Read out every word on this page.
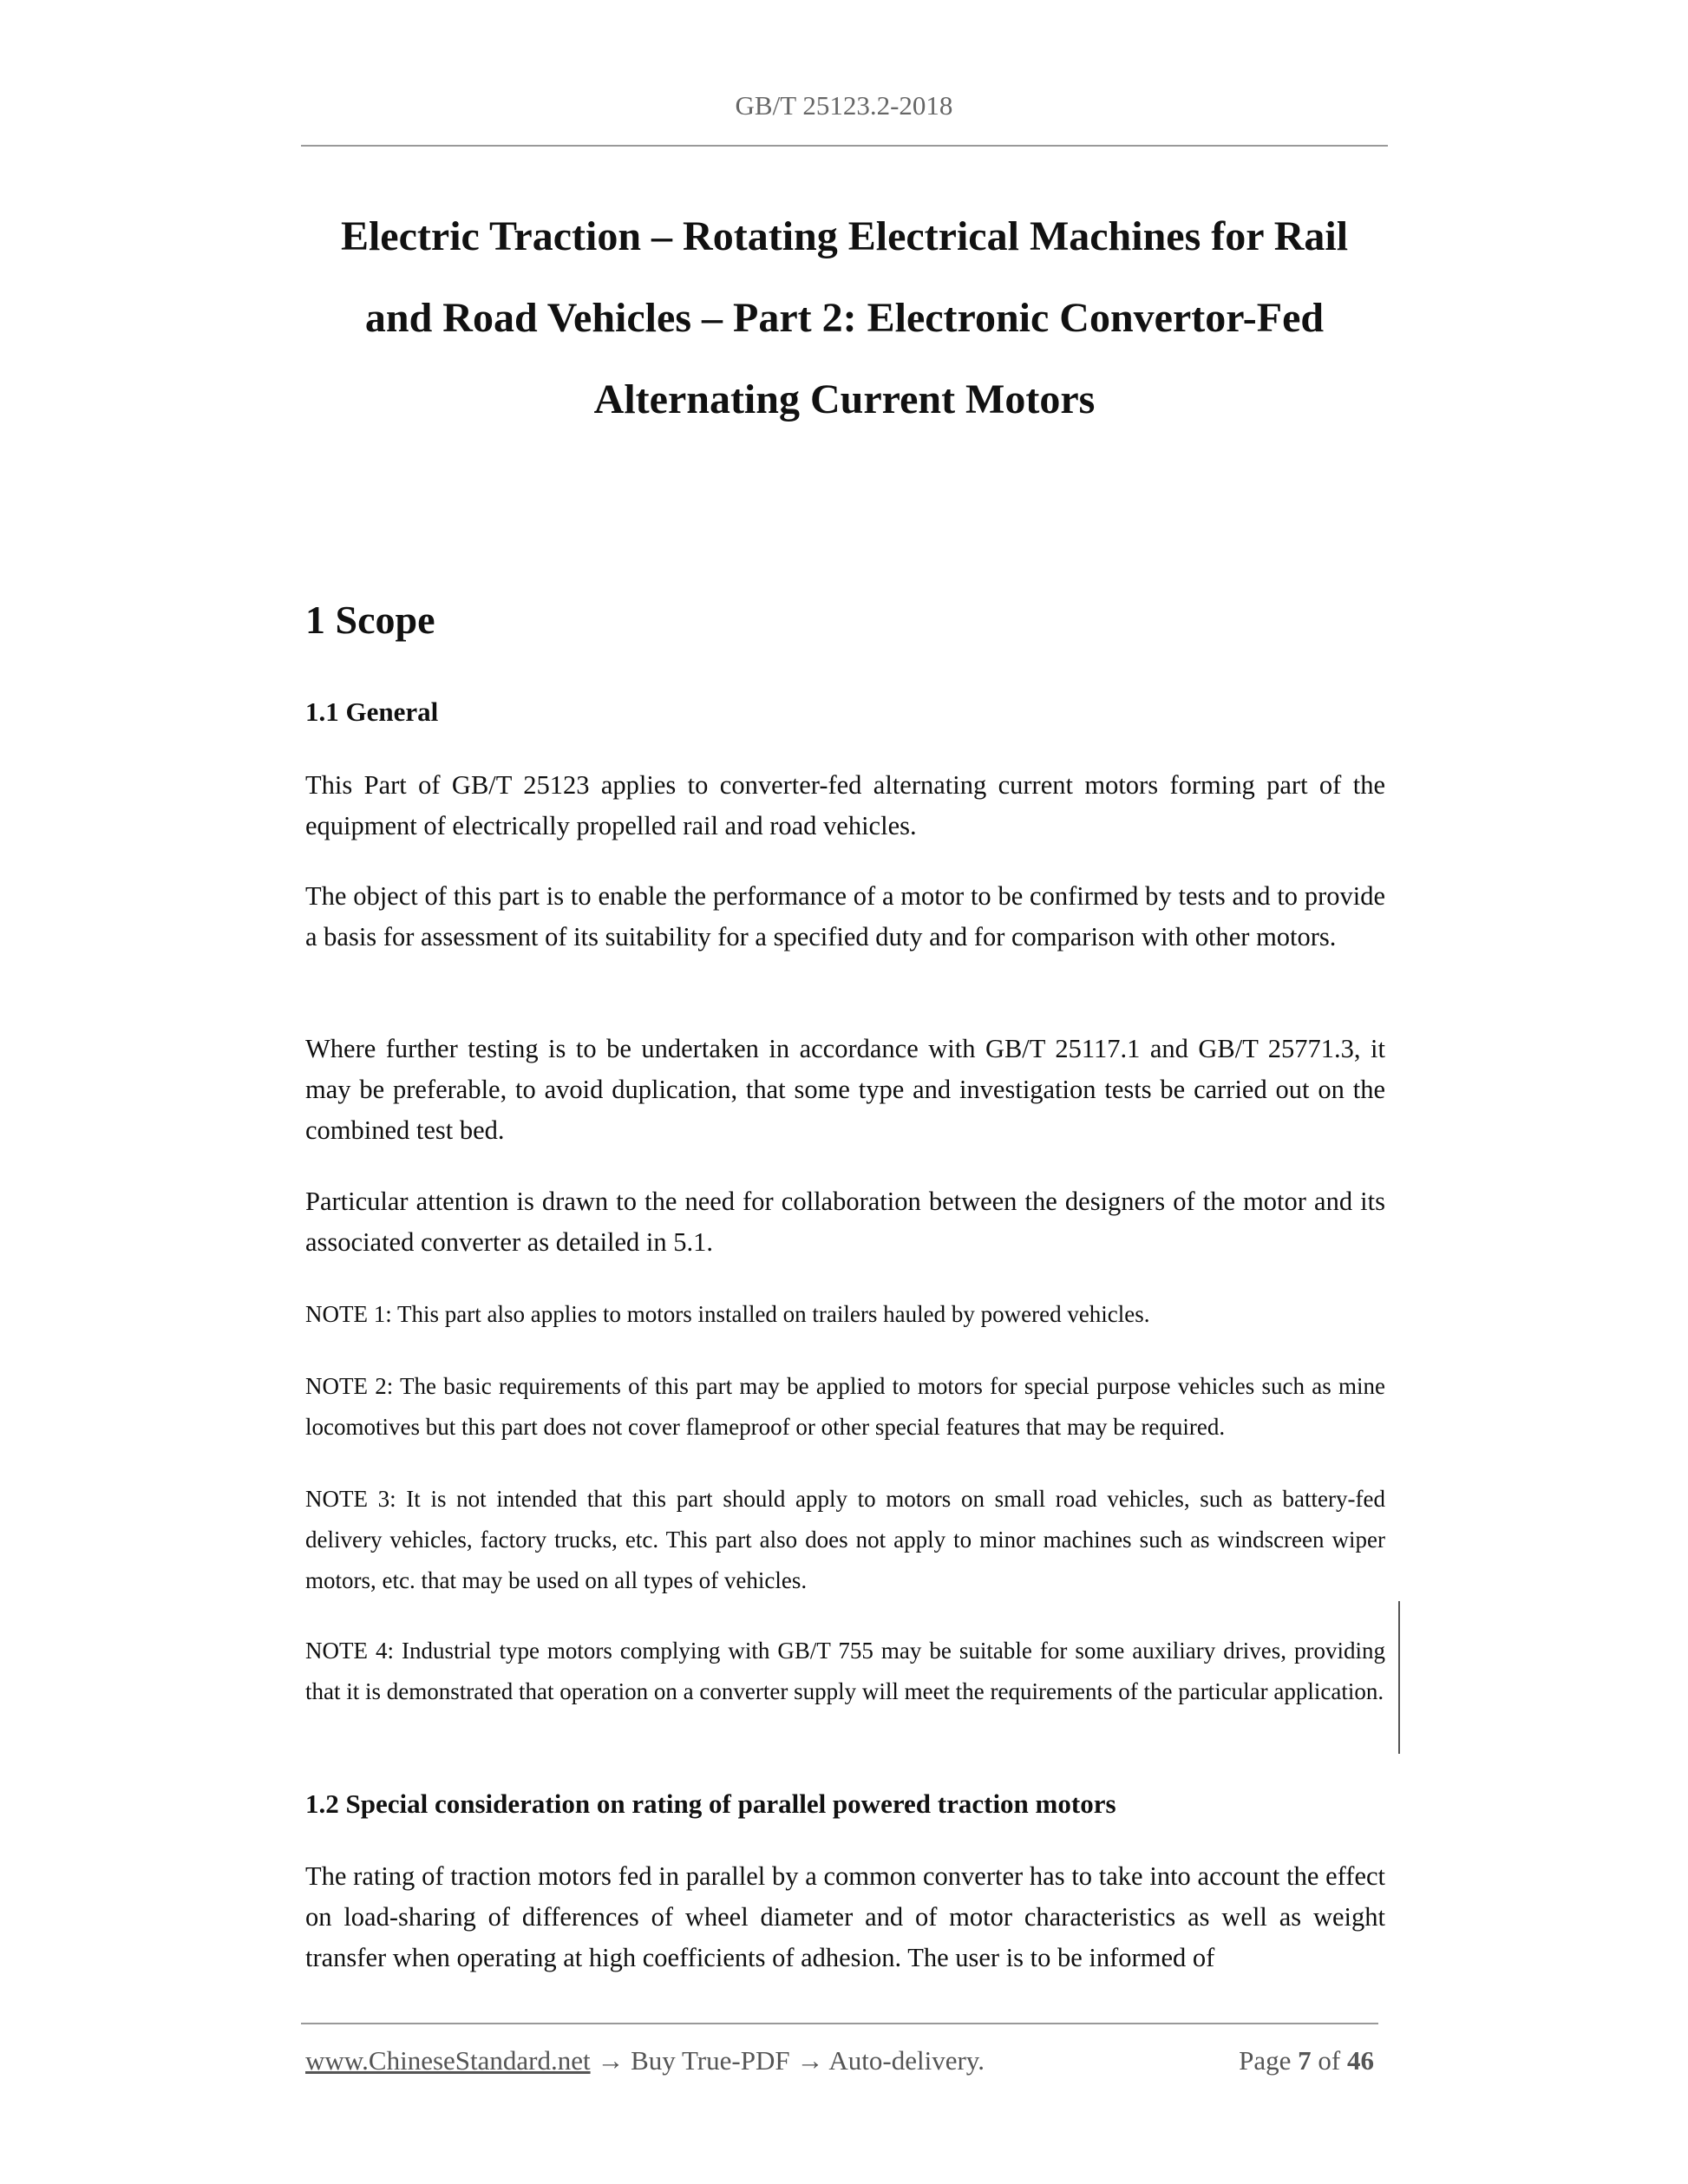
GB/T 25123.2-2018
Electric Traction – Rotating Electrical Machines for Rail
and Road Vehicles – Part 2: Electronic Convertor-Fed
Alternating Current Motors
1 Scope
1.1 General
This Part of GB/T 25123 applies to converter-fed alternating current motors forming part of the equipment of electrically propelled rail and road vehicles.
The object of this part is to enable the performance of a motor to be confirmed by tests and to provide a basis for assessment of its suitability for a specified duty and for comparison with other motors.
Where further testing is to be undertaken in accordance with GB/T 25117.1 and GB/T 25771.3, it may be preferable, to avoid duplication, that some type and investigation tests be carried out on the combined test bed.
Particular attention is drawn to the need for collaboration between the designers of the motor and its associated converter as detailed in 5.1.
NOTE 1: This part also applies to motors installed on trailers hauled by powered vehicles.
NOTE 2: The basic requirements of this part may be applied to motors for special purpose vehicles such as mine locomotives but this part does not cover flameproof or other special features that may be required.
NOTE 3: It is not intended that this part should apply to motors on small road vehicles, such as battery-fed delivery vehicles, factory trucks, etc. This part also does not apply to minor machines such as windscreen wiper motors, etc. that may be used on all types of vehicles.
NOTE 4: Industrial type motors complying with GB/T 755 may be suitable for some auxiliary drives, providing that it is demonstrated that operation on a converter supply will meet the requirements of the particular application.
1.2 Special consideration on rating of parallel powered traction motors
The rating of traction motors fed in parallel by a common converter has to take into account the effect on load-sharing of differences of wheel diameter and of motor characteristics as well as weight transfer when operating at high coefficients of adhesion. The user is to be informed of
www.ChineseStandard.net → Buy True-PDF → Auto-delivery.	Page 7 of 46
